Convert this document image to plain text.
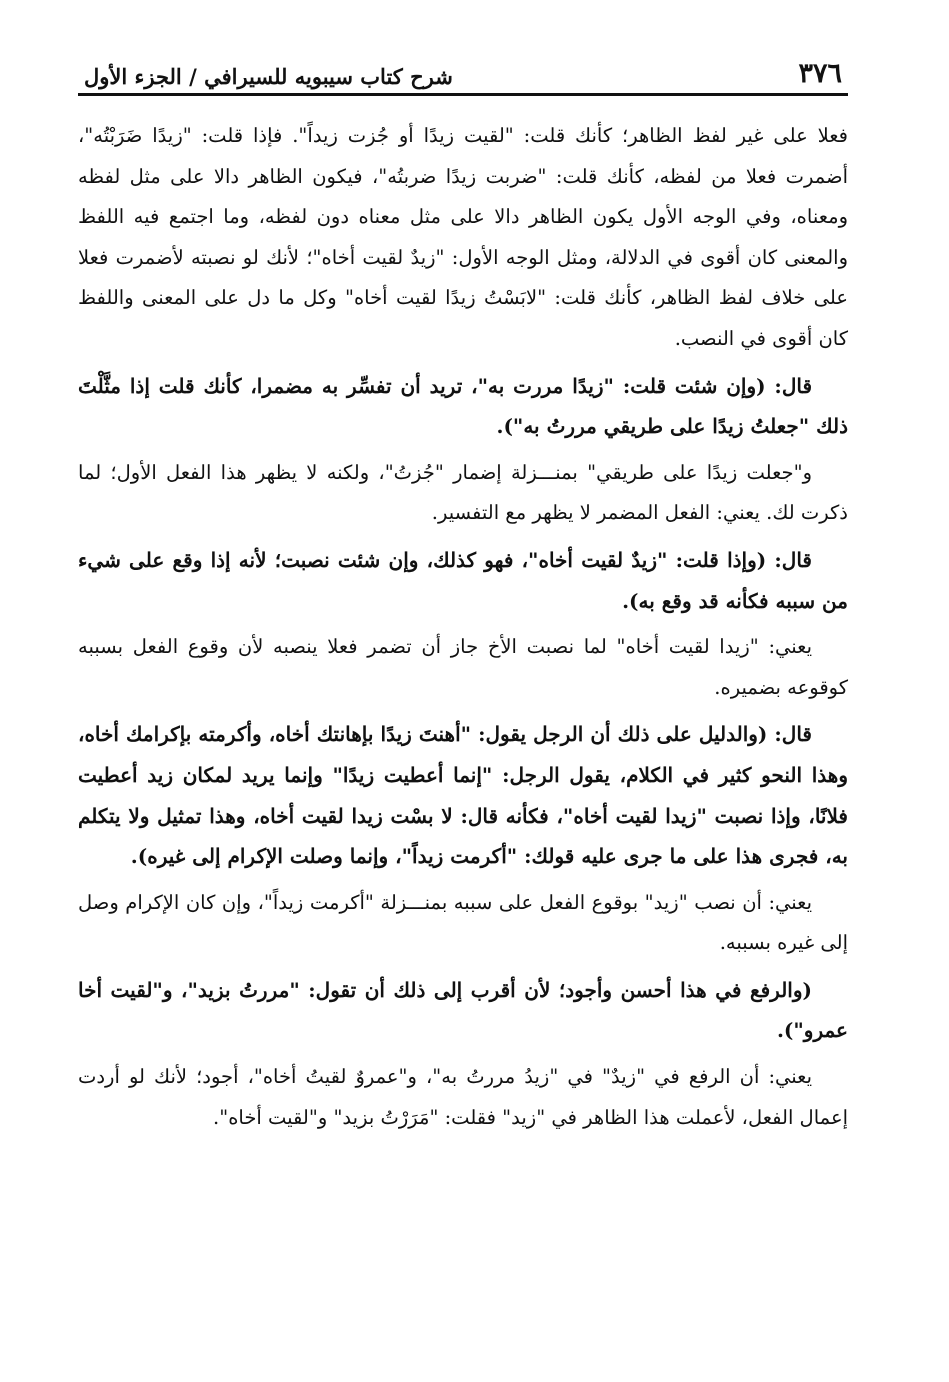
٣٧٦
شرح كتاب سيبويه للسيرافي / الجزء الأول

فعلا على غير لفظ الظاهر؛ كأنك قلت: "لقيت زيدًا أو جُزت زيداً". فإذا قلت: "زيدًا ضَرَبْتُه"، أضمرت فعلا من لفظه، كأنك قلت: "ضربت زيدًا ضربتُه"، فيكون الظاهر دالا على مثل لفظه ومعناه، وفي الوجه الأول يكون الظاهر دالا على مثل معناه دون لفظه، وما اجتمع فيه اللفظ والمعنى كان أقوى في الدلالة، ومثل الوجه الأول: "زيدٌ لقيت أخاه"؛ لأنك لو نصبته لأضمرت فعلا على خلاف لفظ الظاهر، كأنك قلت: "لابَسْتُ زيدًا لقيت أخاه" وكل ما دل على المعنى واللفظ كان أقوى في النصب.

قال: (وإن شئت قلت: "زيدًا مررت به"، تريد أن تفسِّر به مضمرا، كأنك قلت إذا مثَّلْتَ ذلك "جعلتُ زيدًا على طريقي مررتُ به").

و"جعلت زيدًا على طريقي" بمنـــزلة إضمار "جُزتُ"، ولكنه لا يظهر هذا الفعل الأول؛ لما ذكرت لك. يعني: الفعل المضمر لا يظهر مع التفسير.

قال: (وإذا قلت: "زيدٌ لقيت أخاه"، فهو كذلك، وإن شئت نصبت؛ لأنه إذا وقع على شيء من سببه فكأنه قد وقع به).

يعني: "زيدا لقيت أخاه" لما نصبت الأخ جاز أن تضمر فعلا ينصبه لأن وقوع الفعل بسببه كوقوعه بضميره.

قال: (والدليل على ذلك أن الرجل يقول: "أهنتَ زيدًا بإهانتك أخاه، وأكرمته بإكرامك أخاه، وهذا النحو كثير في الكلام، يقول الرجل: "إنما أعطيت زيدًا" وإنما يريد لمكان زيد أعطيت فلانًا، وإذا نصبت "زيدا لقيت أخاه"، فكأنه قال: لا بسْت زيدا لقيت أخاه، وهذا تمثيل ولا يتكلم به، فجرى هذا على ما جرى عليه قولك: "أكرمت زيداً"، وإنما وصلت الإكرام إلى غيره).

يعني: أن نصب "زيد" بوقوع الفعل على سببه بمنـــزلة "أكرمت زيداً"، وإن كان الإكرام وصل إلى غيره بسببه.

(والرفع في هذا أحسن وأجود؛ لأن أقرب إلى ذلك أن تقول: "مررتُ بزيد"، و"لقيت أخا عمرو").

يعني: أن الرفع في "زيدٌ" في "زيدُ مررتُ به"، و"عمروٌ لقيتُ أخاه"، أجود؛ لأنك لو أردت إعمال الفعل، لأعملت هذا الظاهر في "زيد" فقلت: "مَرَرْتُ بزيد" و"لقيت أخاه".
